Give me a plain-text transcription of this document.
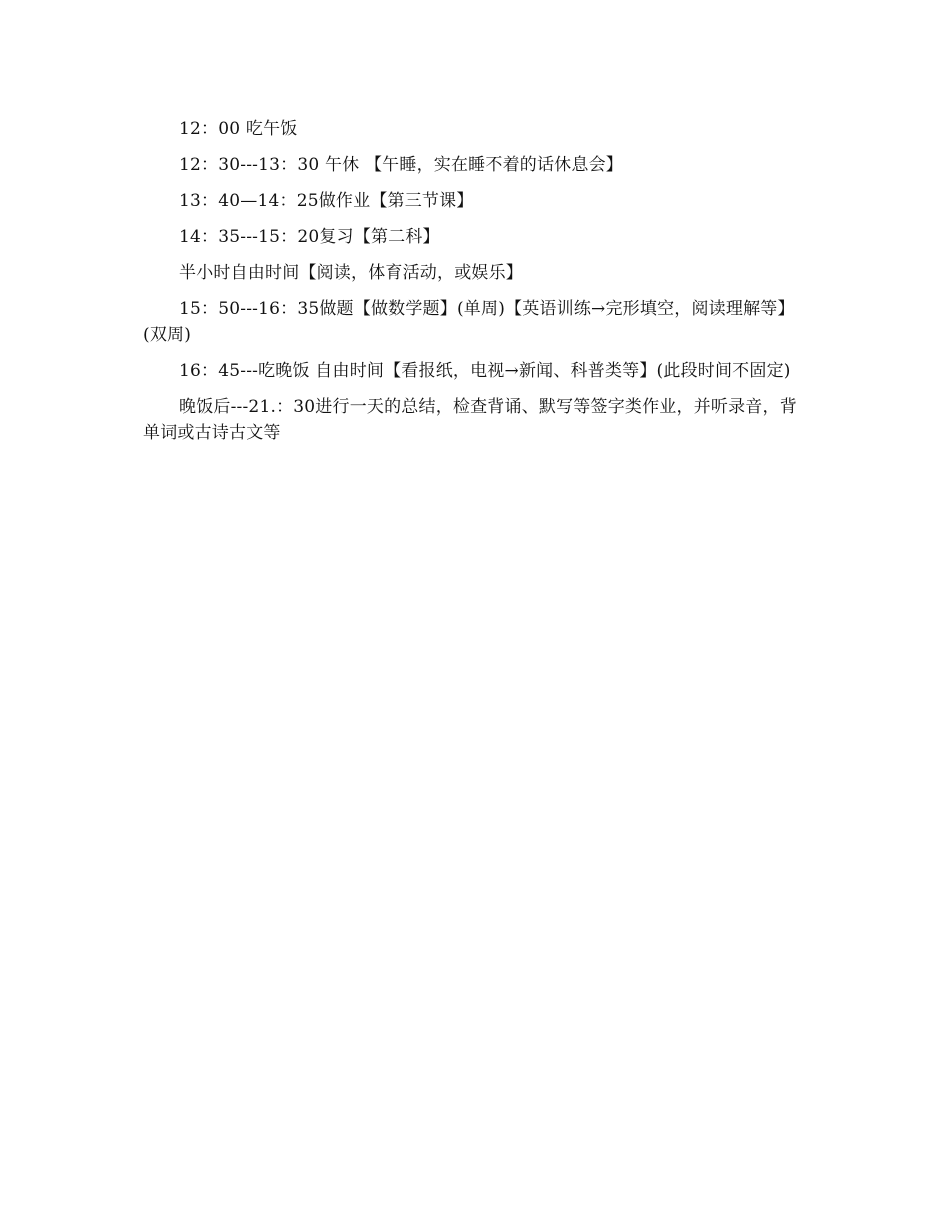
12：00 吃午饭

12：30---13：30 午休 【午睡，实在睡不着的话休息会】

13：40—14：25做作业【第三节课】

14：35---15：20复习【第二科】

半小时自由时间【阅读，体育活动，或娱乐】

15：50---16：35做题【做数学题】(单周)【英语训练→完形填空，阅读理解等】(双周)

16：45---吃晚饭 自由时间【看报纸，电视→新闻、科普类等】(此段时间不固定)

晚饭后---21.：30进行一天的总结，检查背诵、默写等签字类作业，并听录音，背单词或古诗古文等
